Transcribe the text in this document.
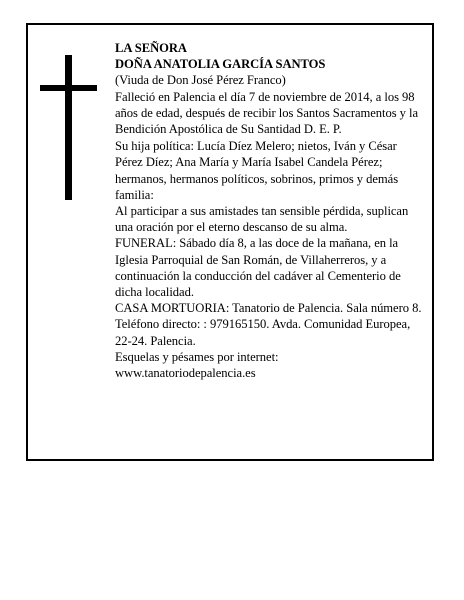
LA SEÑORA

DOÑA ANATOLIA GARCÍA SANTOS

(Viuda de Don José Pérez Franco)

Falleció en Palencia el día 7 de noviembre de 2014, a los 98 años de edad, después de recibir los Santos Sacramentos y la Bendición Apostólica de Su Santidad D. E. P.

Su hija política: Lucía Díez Melero; nietos, Iván y César Pérez Díez; Ana María y María Isabel Candela Pérez; hermanos, hermanos políticos, sobrinos, primos y demás familia:

Al participar a sus amistades tan sensible pérdida, suplican una oración por el eterno descanso de su alma.

FUNERAL: Sábado día 8, a las doce de la mañana, en la Iglesia Parroquial de San Román, de Villaherreros, y a continuación la conducción del cadáver al Cementerio de dicha localidad.

CASA MORTUORIA: Tanatorio de Palencia. Sala número 8. Teléfono directo: : 979165150. Avda. Comunidad Europea, 22-24. Palencia.

Esquelas y pésames por internet:

www.tanatoriodepalencia.es
